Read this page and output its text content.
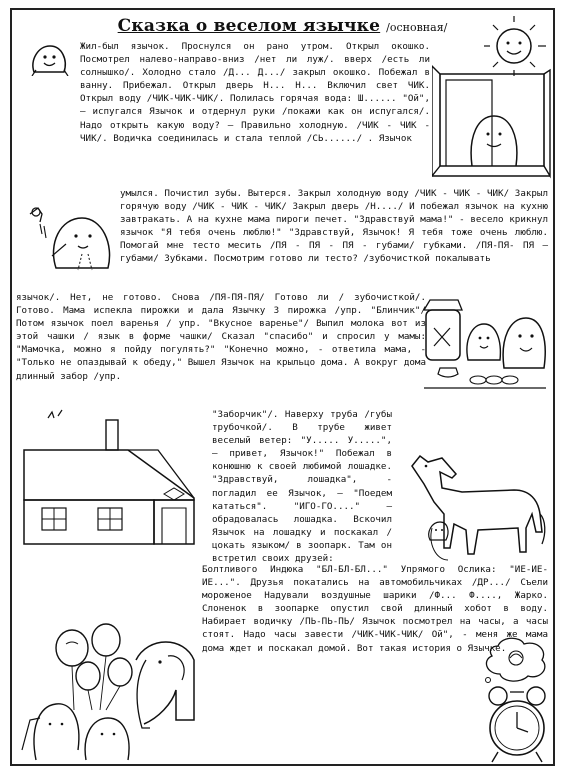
Сказка о веселом язычке /основная/

Жил-был язычок. Проснулся он рано утром. Открыл окошко. Посмотрел налево-направо-вниз /нет ли луж/. вверх /есть ли солнышко/. Холодно стало /Д... Д.../ закрыл окошко. Побежал в ванну. Прибежал. Открыл дверь Н... Н... Включил свет ЧИК. Открыл воду /ЧИК-ЧИК-ЧИК/. Полилась горячая вода: Ш...... "Ой", — испугался Язычок и отдернул руки /покажи как он испугался/. Надо открыть какую воду? — Правильно холодную. /ЧИК - ЧИК - ЧИК/. Водичка соединилась и стала теплой /СЬ....../ . Язычок

умылся. Почистил зубы. Вытерся. Закрыл холодную воду /ЧИК - ЧИК - ЧИК/ Закрыл горячую воду /ЧИК - ЧИК - ЧИК/ Закрыл дверь /Н..../ И побежал язычок на кухню завтракать. А на кухне мама пироги печет. "Здравствуй мама!" - весело крикнул язычок "Я тебя очень люблю!" "Здравствуй, Язычок! Я тебя тоже очень люблю. Помогай мне тесто месить /ПЯ - ПЯ - ПЯ - губами/ губками. /ПЯ-ПЯ- ПЯ — губами/ Зубками. Посмотрим готово ли тесто? /зубочисткой покалывать

язычок/. Нет, не готово. Снова /ПЯ-ПЯ-ПЯ/ Готово ли / зубочисткой/. Готово. Мама испекла пирожки и дала Язычку 3 пирожка /упр. "Блинчик"/ Потом язычок поел варенья / упр. "Вкусное варенье"/ Выпил молока вот из этой чашки / язык в форме чашки/ Сказал "спасибо" и спросил у мамы: "Мамочка, можно я пойду погулять?" "Конечно можно, - ответила мама, - "Только не опаздывай к обеду," Вышел Язычок на крыльцо дома. А вокруг дома длинный забор /упр.

"Заборчик"/. Наверху труба /губы трубочкой/. В трубе живет веселый ветер: "У..... У.....", — привет, Язычок!" Побежал в конюшню к своей любимой лошадке. "Здравствуй, лошадка", - погладил ее Язычок, — "Поедем кататься". "ИГО-ГО...." — обрадовалась лошадка. Вскочил Язычок на лошадку и поскакал /цокать языком/ в зоопарк. Там он встретил своих друзей:

Болтливого Индюка "БЛ-БЛ-БЛ..." Упрямого Ослика: "ИЕ-ИЕ-ИЕ...". Друзья покатались на автомобильчиках /ДР.../ Съели мороженое Надували воздушные шарики /Ф... Ф...., Жарко. Слоненок в зоопарке опустил свой длинный хобот в воду. Набирает водичку /ПЬ-ПЬ-ПЬ/ Язычок посмотрел на часы, а часы стоят. Надо часы завести /ЧИК-ЧИК-ЧИК/ Ой", - меня же мама дома ждет и поскакал домой. Вот такая история о Язычке.
